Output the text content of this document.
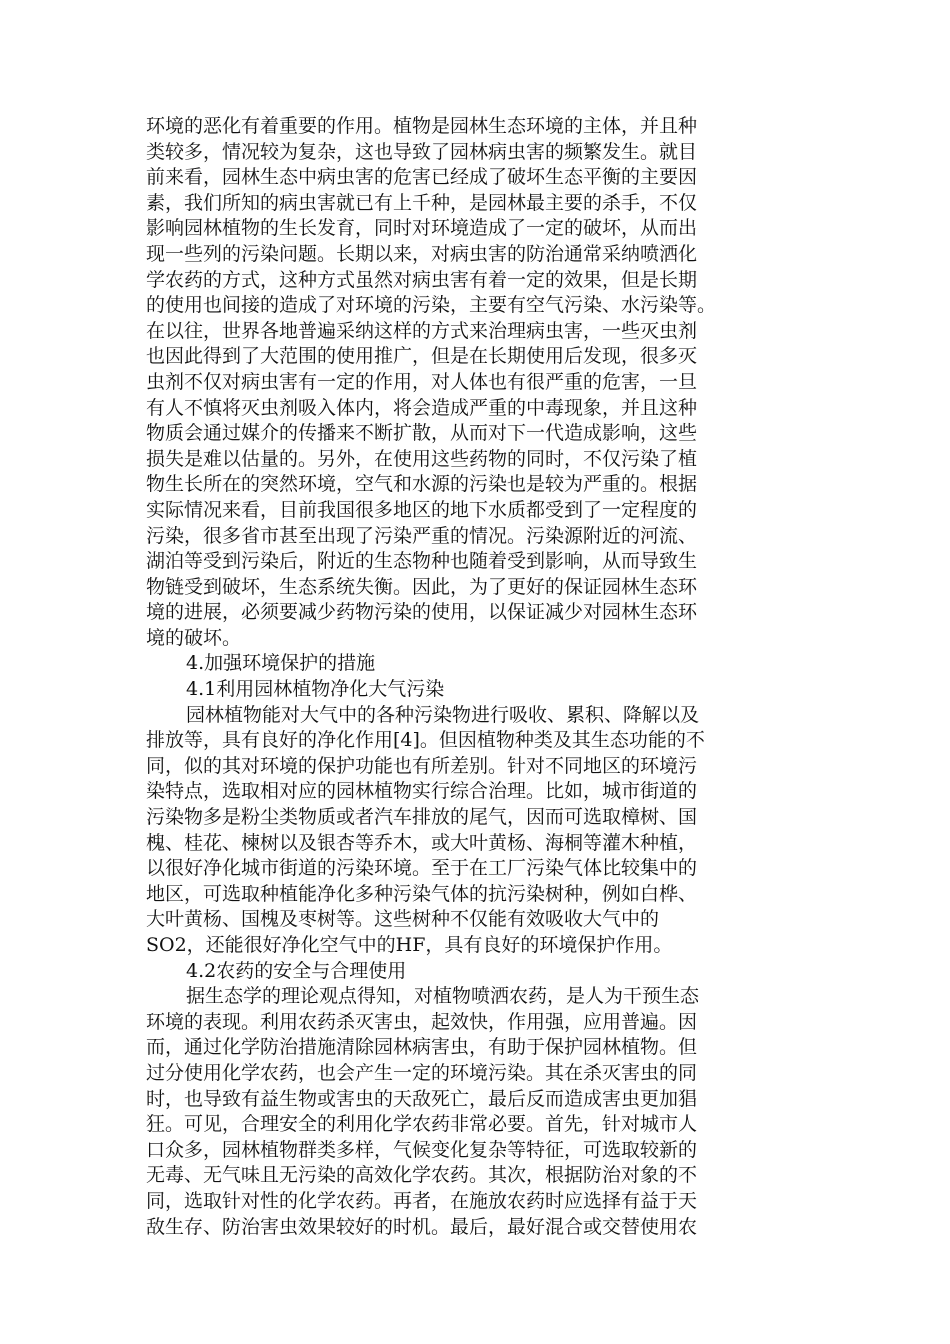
环境的恶化有着重要的作用。植物是园林生态环境的主体，并且种
类较多，情况较为复杂，这也导致了园林病虫害的频繁发生。就目
前来看，园林生态中病虫害的危害已经成了破坏生态平衡的主要因
素，我们所知的病虫害就已有上千种，是园林最主要的杀手，不仅
影响园林植物的生长发育，同时对环境造成了一定的破坏，从而出
现一些列的污染问题。长期以来，对病虫害的防治通常采纳喷洒化
学农药的方式，这种方式虽然对病虫害有着一定的效果，但是长期
的使用也间接的造成了对环境的污染，主要有空气污染、水污染等。
在以往，世界各地普遍采纳这样的方式来治理病虫害，一些灭虫剂
也因此得到了大范围的使用推广，但是在长期使用后发现，很多灭
虫剂不仅对病虫害有一定的作用，对人体也有很严重的危害，一旦
有人不慎将灭虫剂吸入体内，将会造成严重的中毒现象，并且这种
物质会通过媒介的传播来不断扩散，从而对下一代造成影响，这些
损失是难以估量的。另外，在使用这些药物的同时，不仅污染了植
物生长所在的突然环境，空气和水源的污染也是较为严重的。根据
实际情况来看，目前我国很多地区的地下水质都受到了一定程度的
污染，很多省市甚至出现了污染严重的情况。污染源附近的河流、
湖泊等受到污染后，附近的生态物种也随着受到影响，从而导致生
物链受到破坏，生态系统失衡。因此，为了更好的保证园林生态环
境的进展，必须要减少药物污染的使用，以保证减少对园林生态环
境的破坏。
4.加强环境保护的措施
4.1利用园林植物净化大气污染
园林植物能对大气中的各种污染物进行吸收、累积、降解以及
排放等，具有良好的净化作用[4]。但因植物种类及其生态功能的不
同，似的其对环境的保护功能也有所差别。针对不同地区的环境污
染特点，选取相对应的园林植物实行综合治理。比如，城市街道的
污染物多是粉尘类物质或者汽车排放的尾气，因而可选取樟树、国
槐、桂花、楝树以及银杏等乔木，或大叶黄杨、海桐等灌木种植，
以很好净化城市街道的污染环境。至于在工厂污染气体比较集中的
地区，可选取种植能净化多种污染气体的抗污染树种，例如白桦、
大叶黄杨、国槐及枣树等。这些树种不仅能有效吸收大气中的
SO2，还能很好净化空气中的HF，具有良好的环境保护作用。
4.2农药的安全与合理使用
据生态学的理论观点得知，对植物喷洒农药，是人为干预生态
环境的表现。利用农药杀灭害虫，起效快，作用强，应用普遍。因
而，通过化学防治措施清除园林病害虫，有助于保护园林植物。但
过分使用化学农药，也会产生一定的环境污染。其在杀灭害虫的同
时，也导致有益生物或害虫的天敌死亡，最后反而造成害虫更加猖
狂。可见，合理安全的利用化学农药非常必要。首先，针对城市人
口众多，园林植物群类多样，气候变化复杂等特征，可选取较新的
无毒、无气味且无污染的高效化学农药。其次，根据防治对象的不
同，选取针对性的化学农药。再者，在施放农药时应选择有益于天
敌生存、防治害虫效果较好的时机。最后，最好混合或交替使用农
